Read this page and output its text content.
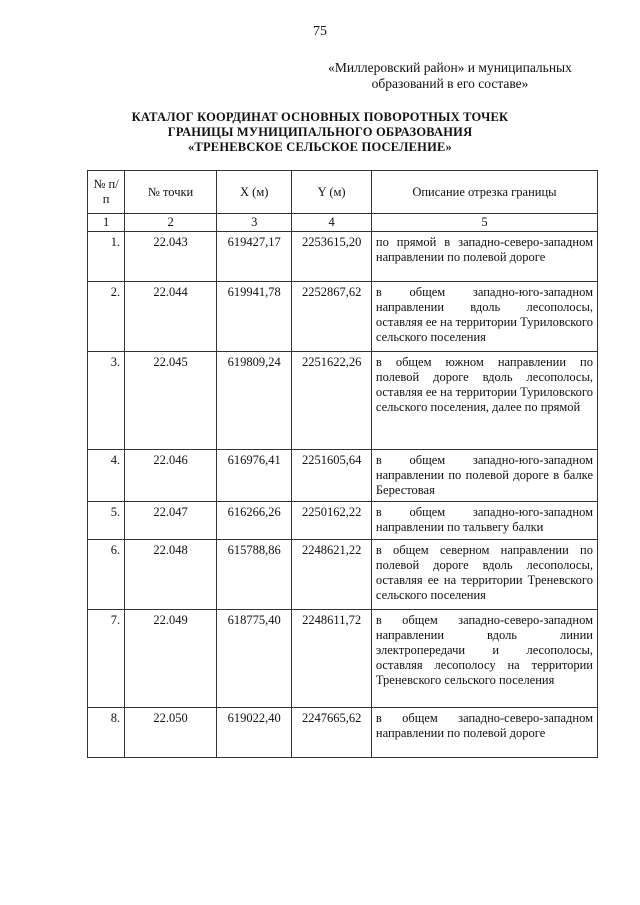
75
«Миллеровский район» и муниципальных
образований в его составе»
КАТАЛОГ КООРДИНАТ ОСНОВНЫХ ПОВОРОТНЫХ ТОЧЕК
ГРАНИЦЫ МУНИЦИПАЛЬНОГО ОБРАЗОВАНИЯ
«ТРЕНЕВСКОЕ СЕЛЬСКОЕ ПОСЕЛЕНИЕ»
№ п/п	№ точки	X (м)	Y (м)	Описание отрезка границы
1	2	3	4	5
1.	22.043	619427,17	2253615,20	по прямой в западно-северо-западном направлении по полевой дороге
2.	22.044	619941,78	2252867,62	в общем западно-юго-западном направлении вдоль лесополосы, оставляя ее на территории Туриловского сельского поселения
3.	22.045	619809,24	2251622,26	в общем южном направлении по полевой дороге вдоль лесополосы, оставляя ее на территории Туриловского сельского поселения, далее по прямой
4.	22.046	616976,41	2251605,64	в общем западно-юго-западном направлении по полевой дороге в балке Берестовая
5.	22.047	616266,26	2250162,22	в общем западно-юго-западном направлении по тальвегу балки
6.	22.048	615788,86	2248621,22	в общем северном направлении по полевой дороге вдоль лесополосы, оставляя ее на территории Треневского сельского поселения
7.	22.049	618775,40	2248611,72	в общем западно-северо-западном направлении вдоль линии электропередачи и лесополосы, оставляя лесополосу на территории Треневского сельского поселения
8.	22.050	619022,40	2247665,62	в общем западно-северо-западном направлении по полевой дороге
